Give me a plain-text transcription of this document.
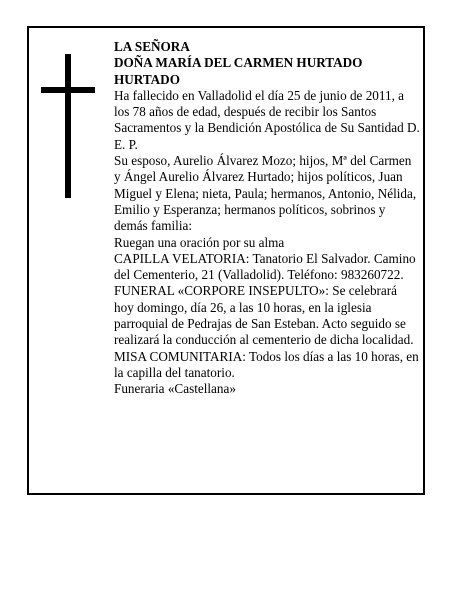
LA SEÑORA

DOÑA MARÍA DEL CARMEN HURTADO

HURTADO

Ha fallecido en Valladolid el día 25 de junio de 2011, a los 78 años de edad, después de recibir los Santos Sacramentos y la Bendición Apostólica de Su Santidad D. E. P.

Su esposo, Aurelio Álvarez Mozo; hijos, Mª del Carmen y Ángel Aurelio Álvarez Hurtado; hijos políticos, Juan Miguel y Elena; nieta, Paula; hermanos, Antonio, Nélida, Emilio y Esperanza; hermanos políticos, sobrinos y demás familia:

Ruegan una oración por su alma

CAPILLA VELATORIA: Tanatorio El Salvador. Camino del Cementerio, 21 (Valladolid). Teléfono: 983260722.

FUNERAL «CORPORE INSEPULTO»: Se celebrará hoy domingo, día 26, a las 10 horas, en la iglesia parroquial de Pedrajas de San Esteban. Acto seguido se realizará la conducción al cementerio de dicha localidad.

MISA COMUNITARIA: Todos los días a las 10 horas, en la capilla del tanatorio.

Funeraria «Castellana»
